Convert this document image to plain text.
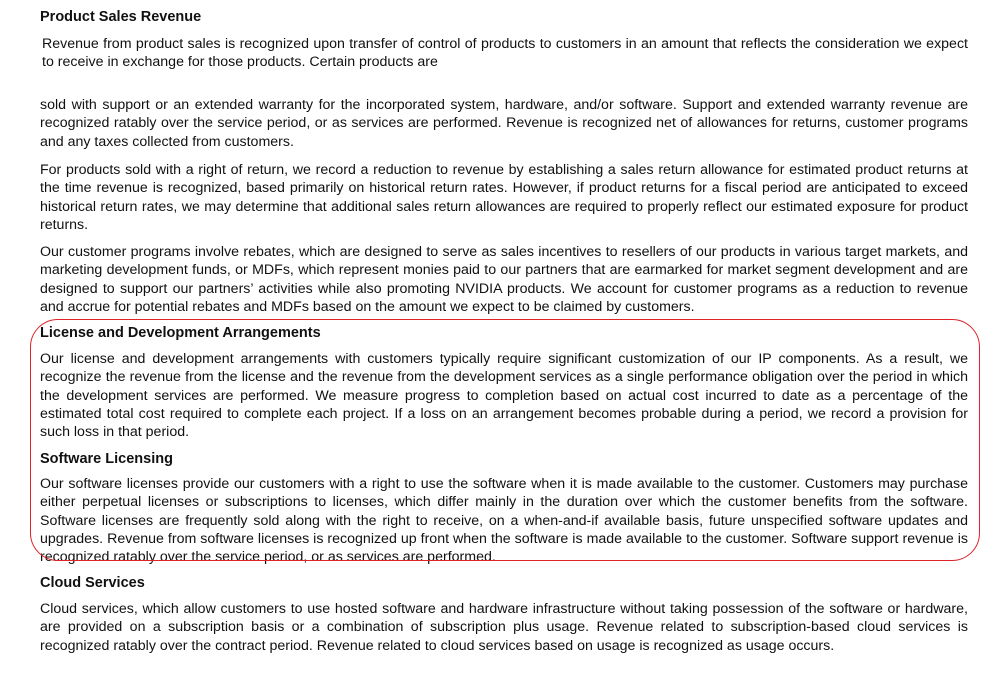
Product Sales Revenue

Revenue from product sales is recognized upon transfer of control of products to customers in an amount that reflects the consideration we expect to receive in exchange for those products. Certain products are

sold with support or an extended warranty for the incorporated system, hardware, and/or software. Support and extended warranty revenue are recognized ratably over the service period, or as services are performed. Revenue is recognized net of allowances for returns, customer programs and any taxes collected from customers.

For products sold with a right of return, we record a reduction to revenue by establishing a sales return allowance for estimated product returns at the time revenue is recognized, based primarily on historical return rates. However, if product returns for a fiscal period are anticipated to exceed historical return rates, we may determine that additional sales return allowances are required to properly reflect our estimated exposure for product returns.

Our customer programs involve rebates, which are designed to serve as sales incentives to resellers of our products in various target markets, and marketing development funds, or MDFs, which represent monies paid to our partners that are earmarked for market segment development and are designed to support our partners’ activities while also promoting NVIDIA products. We account for customer programs as a reduction to revenue and accrue for potential rebates and MDFs based on the amount we expect to be claimed by customers.

License and Development Arrangements

Our license and development arrangements with customers typically require significant customization of our IP components. As a result, we recognize the revenue from the license and the revenue from the development services as a single performance obligation over the period in which the development services are performed. We measure progress to completion based on actual cost incurred to date as a percentage of the estimated total cost required to complete each project. If a loss on an arrangement becomes probable during a period, we record a provision for such loss in that period.

Software Licensing

Our software licenses provide our customers with a right to use the software when it is made available to the customer. Customers may purchase either perpetual licenses or subscriptions to licenses, which differ mainly in the duration over which the customer benefits from the software. Software licenses are frequently sold along with the right to receive, on a when-and-if available basis, future unspecified software updates and upgrades. Revenue from software licenses is recognized up front when the software is made available to the customer. Software support revenue is recognized ratably over the service period, or as services are performed.

Cloud Services

Cloud services, which allow customers to use hosted software and hardware infrastructure without taking possession of the software or hardware, are provided on a subscription basis or a combination of subscription plus usage. Revenue related to subscription-based cloud services is recognized ratably over the contract period. Revenue related to cloud services based on usage is recognized as usage occurs.
